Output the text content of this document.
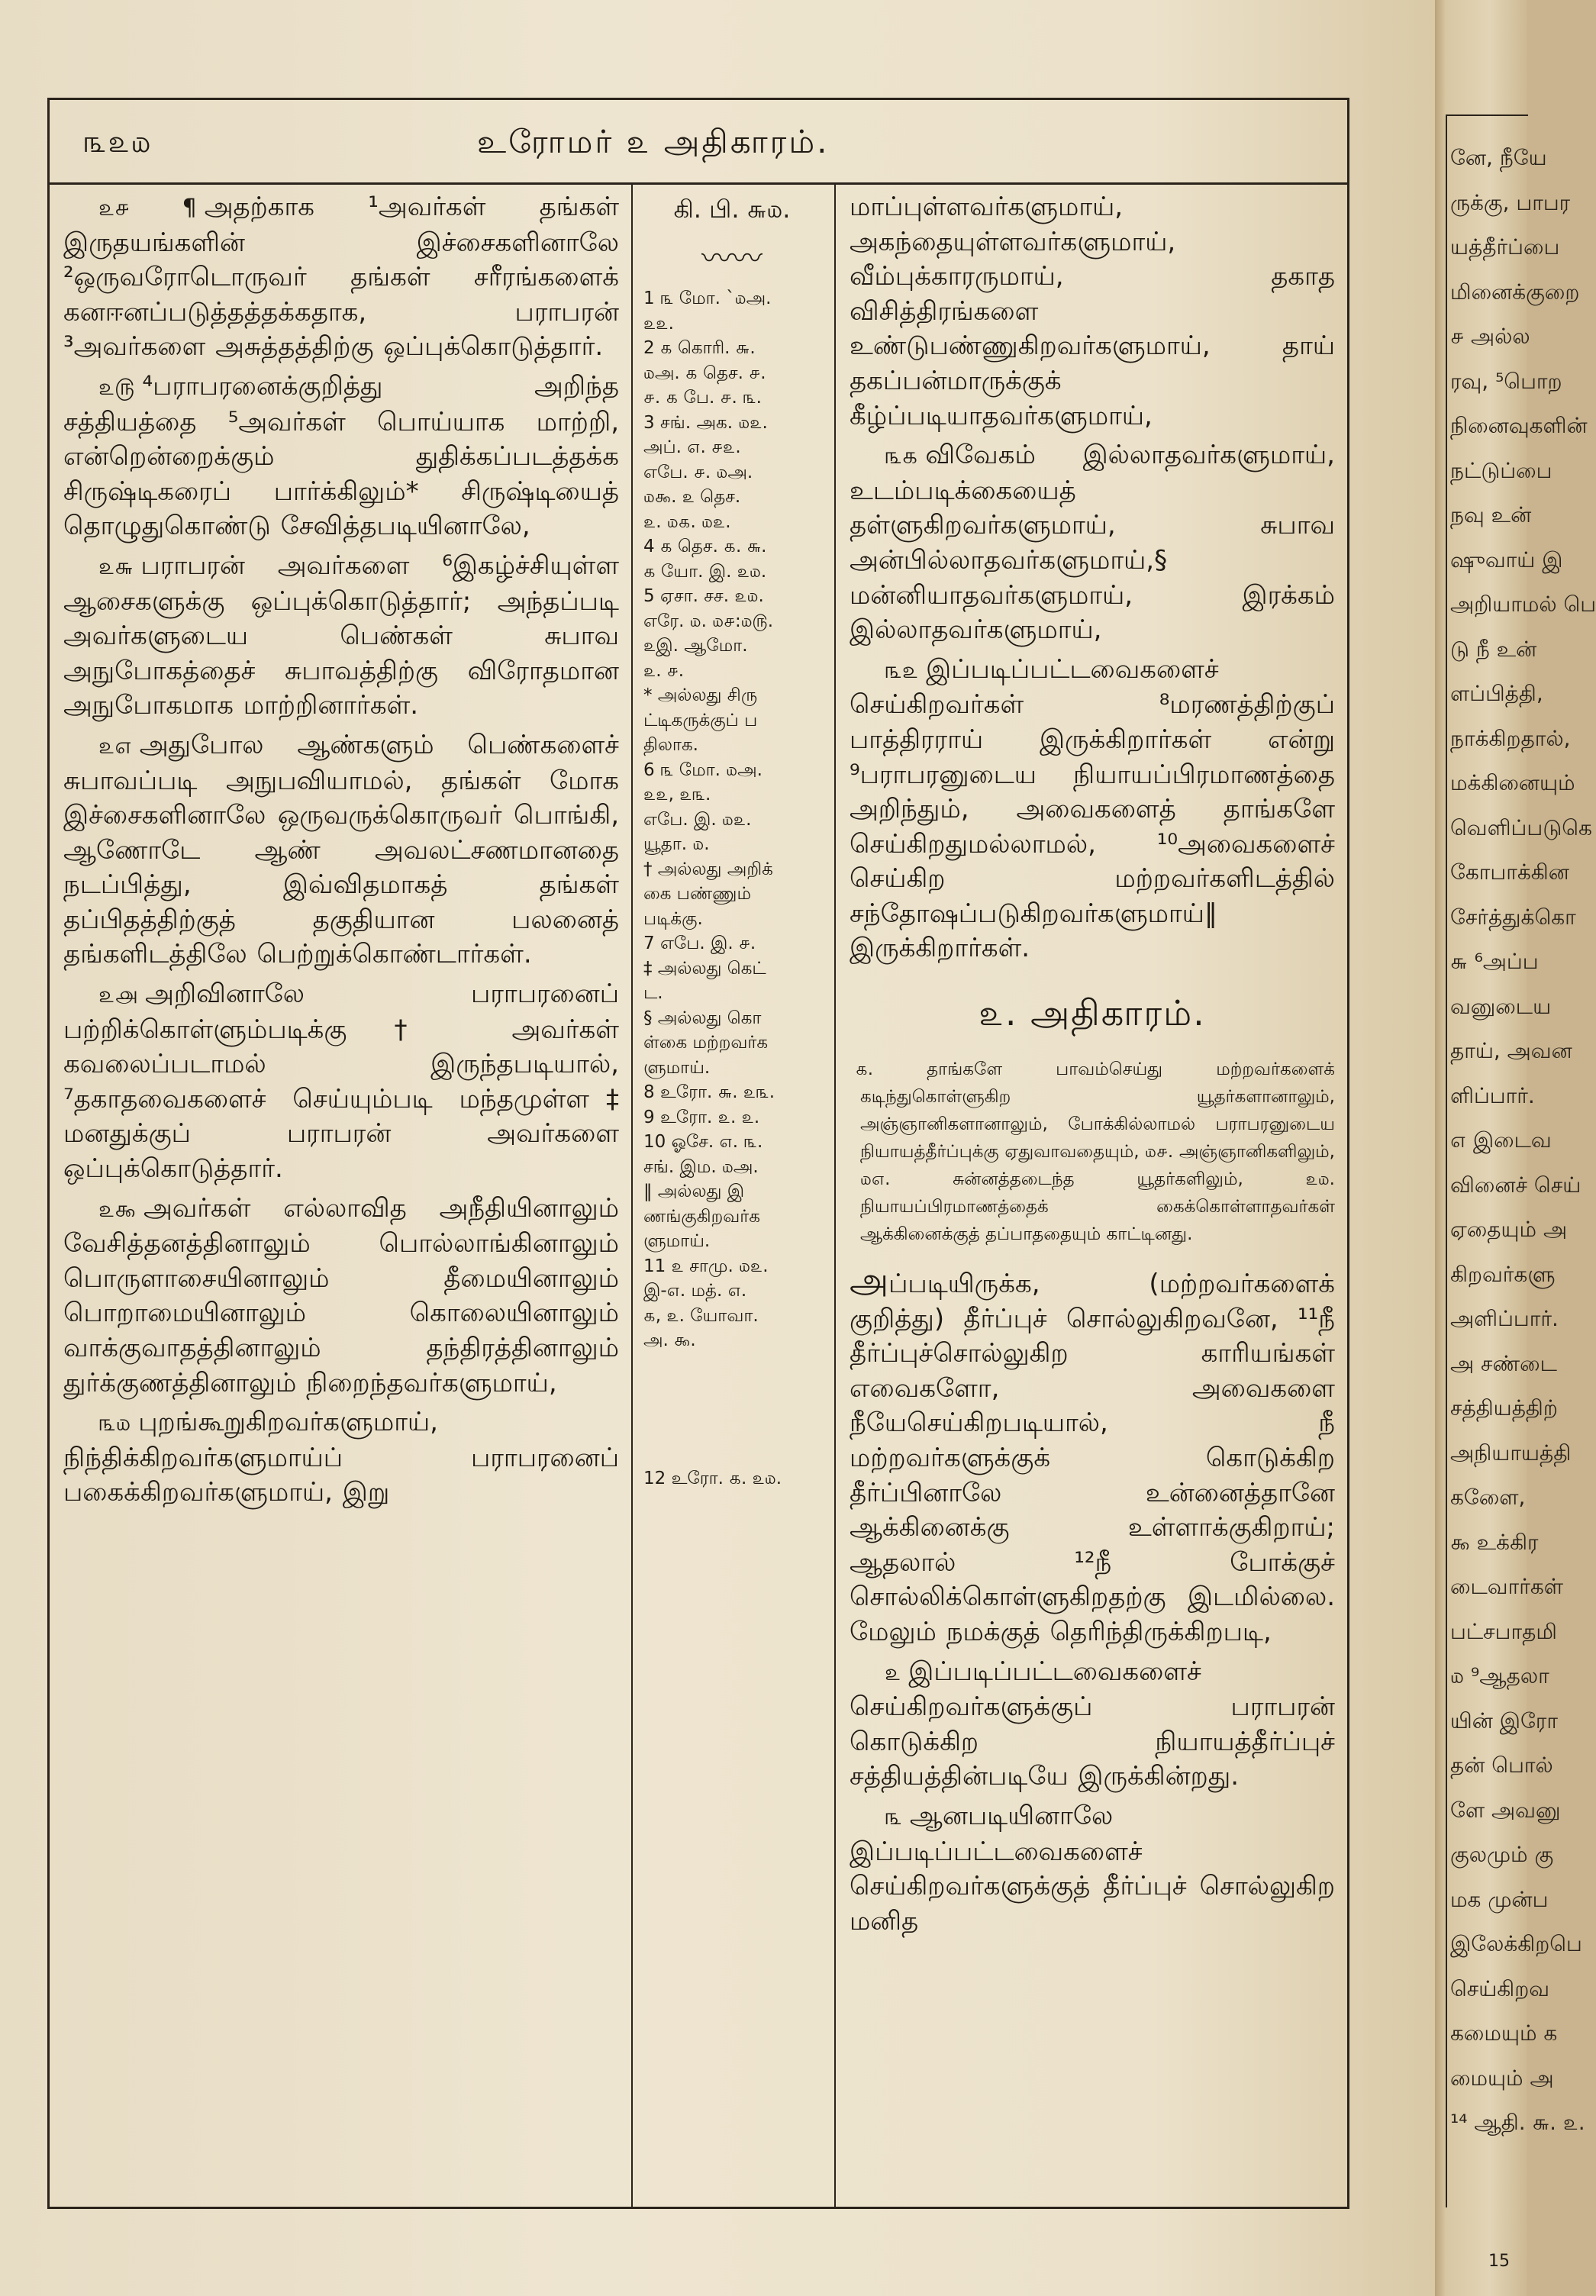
௩௨௰	உரோமர் ௨ அதிகாரம்.

௨௪ ¶ அதற்காக ¹அவர்கள் தங்கள் இருதயங்களின் இச்சைகளினாலே ²ஒருவரோடொருவர் தங்கள் சரீரங்களைக் கனஈனப்படுத்தத்தக்கதாக, பராபரன் ³அவர்களை அசுத்தத்திற்கு ஒப்புக்கொடுத்தார்.

௨௫ ⁴பராபரனைக்குறித்து அறிந்த சத்தியத்தை ⁵அவர்கள் பொய்யாக மாற்றி, என்றென்றைக்கும் துதிக்கப்படத்தக்க சிருஷ்டிகரைப் பார்க்கிலும்* சிருஷ்டியைத் தொழுதுகொண்டு சேவித்தபடியினாலே,

௨௬ பராபரன் அவர்களை ⁶இகழ்ச்சியுள்ள ஆசைகளுக்கு ஒப்புக்கொடுத்தார்; அந்தப்படி அவர்களுடைய பெண்கள் சுபாவ அநுபோகத்தைச் சுபாவத்திற்கு விரோதமான அநுபோகமாக மாற்றினார்கள்.

௨௭ அதுபோல ஆண்களும் பெண்களைச் சுபாவப்படி அநுபவியாமல், தங்கள் மோக இச்சைகளினாலே ஒருவருக்கொருவர் பொங்கி, ஆணோடே ஆண் அவலட்சணமானதை நடப்பித்து, இவ்விதமாகத் தங்கள் தப்பிதத்திற்குத் தகுதியான பலனைத் தங்களிடத்திலே பெற்றுக்கொண்டார்கள்.

௨௮ அறிவினாலே பராபரனைப் பற்றிக்கொள்ளும்படிக்கு† அவர்கள் கவலைப்படாமல் இருந்தபடியால், ⁷தகாதவைகளைச் செய்யும்படி மந்தமுள்ள‡ மனதுக்குப் பராபரன் அவர்களை ஒப்புக்கொடுத்தார்.

௨௯ அவர்கள் எல்லாவித அநீதியினாலும் வேசித்தனத்தினாலும் பொல்லாங்கினாலும் பொருளாசையினாலும் தீமையினாலும் பொறாமையினாலும் கொலையினாலும் வாக்குவாதத்தினாலும் தந்திரத்தினாலும் துர்க்குணத்தினாலும் நிறைந்தவர்களுமாய்,

௩௰ புறங்கூறுகிறவர்களுமாய், நிந்திக்கிறவர்களுமாய்ப் பராபரனைப் பகைக்கிறவர்களுமாய், இறு

கி. பி. ௬௰.
〰〰
1 ௩ மோ. `௰அ.
௨௨.
2 ௧ கொரி. ௬.
௰அ. ௧ தெச. ௪.
௪. ௧ பே. ௪. ௩.
3 சங். அக. ௰௨.
அப். ௭. ௪௨.
எபே. ௪. ௰அ.
௰௯. ௨ தெச.
௨. ௰௧. ௰௨.
4 ௧ தெச. ௧. ௬.
௧ யோ. இ. ௨௰.
5 ஏசா. சச. ௨௰.
எரே. ௰. ௰௪:௰௫.
௨இ. ஆமோ.
௨. ௪.
* அல்லது சிரு
ட்டிகருக்குப் ப
திலாக.
6 ௩ மோ. ௰அ.
௨௨, ௨௩.
எபே. இ. ௰௨.
யூதா. ௰.
† அல்லது அறிக்
கை பண்ணும்
படிக்கு.
7 எபே. இ. ௪.
‡ அல்லது கெட்
ட.
§ அல்லது கொ
ள்கை மற்றவர்க
ளுமாய்.
8 உரோ. ௬. ௨௩.
9 உரோ. ௨. ௨.
10 ஓசே. ௭. ௩.
சங். இம. ௰அ.
‖ அல்லது இ
ணங்குகிறவர்க
ளுமாய்.
11 ௨ சாமு. ௰௨.
இ-௭. மத். ௭.
௧, ௨. யோவா.
அ. ௯.
12 உரோ. ௧. ௨௰.

மாப்புள்ளவர்களுமாய், அகந்தையுள்ளவர்களுமாய், வீம்புக்காரருமாய், தகாத விசித்திரங்களை உண்டுபண்ணுகிறவர்களுமாய், தாய் தகப்பன்மாருக்குக் கீழ்ப்படியாதவர்களுமாய்,

௩௧ விவேகம் இல்லாதவர்களுமாய், உடம்படிக்கையைத் தள்ளுகிறவர்களுமாய், சுபாவ அன்பில்லாதவர்களுமாய்,§ மன்னியாதவர்களுமாய், இரக்கம் இல்லாதவர்களுமாய்,

௩௨ இப்படிப்பட்டவைகளைச் செய்கிறவர்கள் ⁸மரணத்திற்குப் பாத்திரராய் இருக்கிறார்கள் என்று ⁹பராபரனுடைய நியாயப்பிரமாணத்தை அறிந்தும், அவைகளைத் தாங்களே செய்கிறதுமல்லாமல், ¹⁰அவைகளைச் செய்கிற மற்றவர்களிடத்தில் சந்தோஷப்படுகிறவர்களுமாய்‖ இருக்கிறார்கள்.

௨. அதிகாரம்.

௧. தாங்களே பாவம்செய்து மற்றவர்களைக் கடிந்துகொள்ளுகிற யூதர்களானாலும், அஞ்ஞானிகளானாலும், போக்கில்லாமல் பராபரனுடைய நியாயத்தீர்ப்புக்கு ஏதுவாவதையும், ௰௪. அஞ்ஞானிகளிலும், ௰௭. சுன்னத்தடைந்த யூதர்களிலும், ௨௰. நியாயப்பிரமாணத்தைக் கைக்கொள்ளாதவர்கள் ஆக்கினைக்குத் தப்பாததையும் காட்டினது.

அப்படியிருக்க, (மற்றவர்களைக் குறித்து) தீர்ப்புச் சொல்லுகிறவனே, ¹¹நீ தீர்ப்புச்சொல்லுகிற காரியங்கள் எவைகளோ, அவைகளை நீயேசெய்கிறபடியால், நீ மற்றவர்களுக்குக் கொடுக்கிற தீர்ப்பினாலே உன்னைத்தானே ஆக்கினைக்கு உள்ளாக்குகிறாய்; ஆதலால் ¹²நீ போக்குச் சொல்லிக்கொள்ளுகிறதற்கு இடமில்லை. மேலும் நமக்குத் தெரிந்திருக்கிறபடி,

௨ இப்படிப்பட்டவைகளைச் செய்கிறவர்களுக்குப் பராபரன் கொடுக்கிற நியாயத்தீர்ப்புச் சத்தியத்தின்படியே இருக்கின்றது.

௩ ஆனபடியினாலே இப்படிப்பட்டவைகளைச் செய்கிறவர்களுக்குத் தீர்ப்புச் சொல்லுகிற மனித

னே, நீயே
ருக்கு, பாபர
யத்தீர்ப்பை
மினைக்குறை
௪ அல்ல
ரவு, ⁵பொற
நினைவுகளின்
நட்டுப்பை
நவு உன்
ஷுவாய் இ
அறியாமல் பெ
டு நீ உன்
ளப்பித்தி,
நாக்கிறதால்,
மக்கினையும்
வெளிப்படுகெ
கோபாக்கின
சேர்த்துக்கொ
௬ ⁶அப்ப
வனுடைய
தாய், அவன
ளிப்பார்.
௭ இடைவ
வினைச் செய்
ஏதையும் அ
கிறவர்களு
அளிப்பார்.
அ சண்டை
சத்தியத்திற்
அநியாயத்தி
களைே,
௯ உக்கிர
டைவார்கள்
பட்சபாதமி
௰ ⁹ஆதலா
யின் இரோ
தன் பொல்
ளே அவனு
குலமும் கு
மக முன்ப
இலேக்கிறபெ
செய்கிறவ
கமையும் க
மையும் அ
¹⁴ ஆதி. ௬. ௨.
15
